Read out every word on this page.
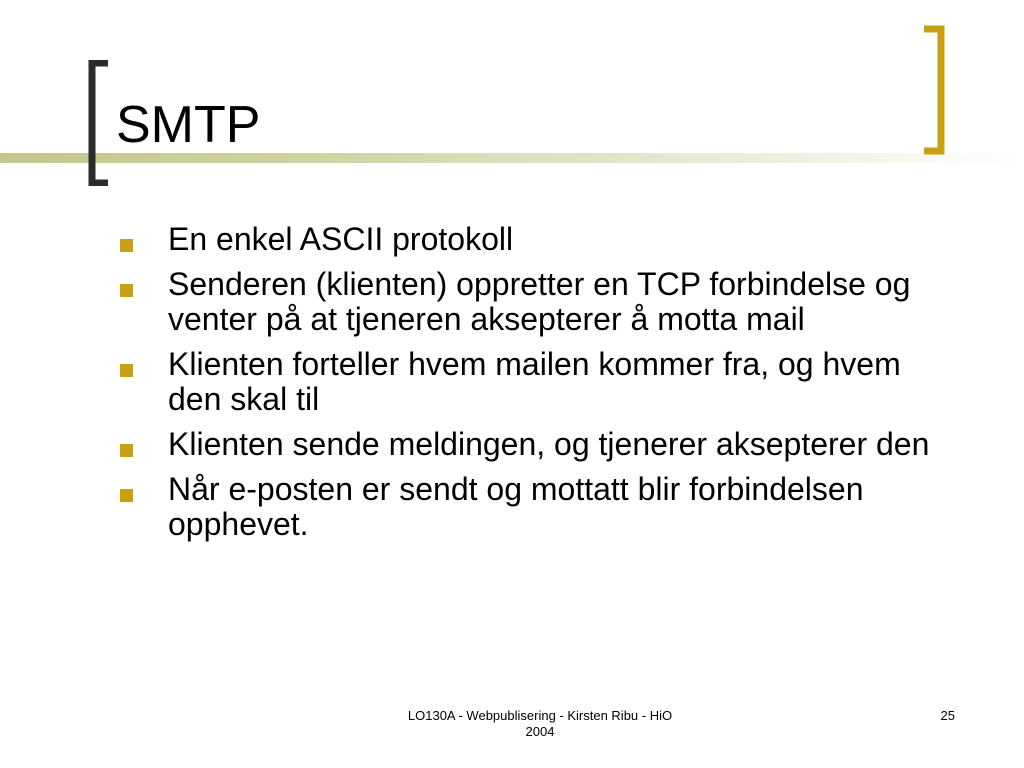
SMTP
En enkel ASCII protokoll
Senderen (klienten) oppretter en TCP forbindelse og venter på at tjeneren aksepterer å motta mail
Klienten forteller hvem mailen kommer fra, og hvem den skal til
Klienten sende meldingen, og tjenerer aksepterer den
Når e-posten er sendt og mottatt blir forbindelsen opphevet.
LO130A - Webpublisering - Kirsten Ribu - HiO
2004
25
